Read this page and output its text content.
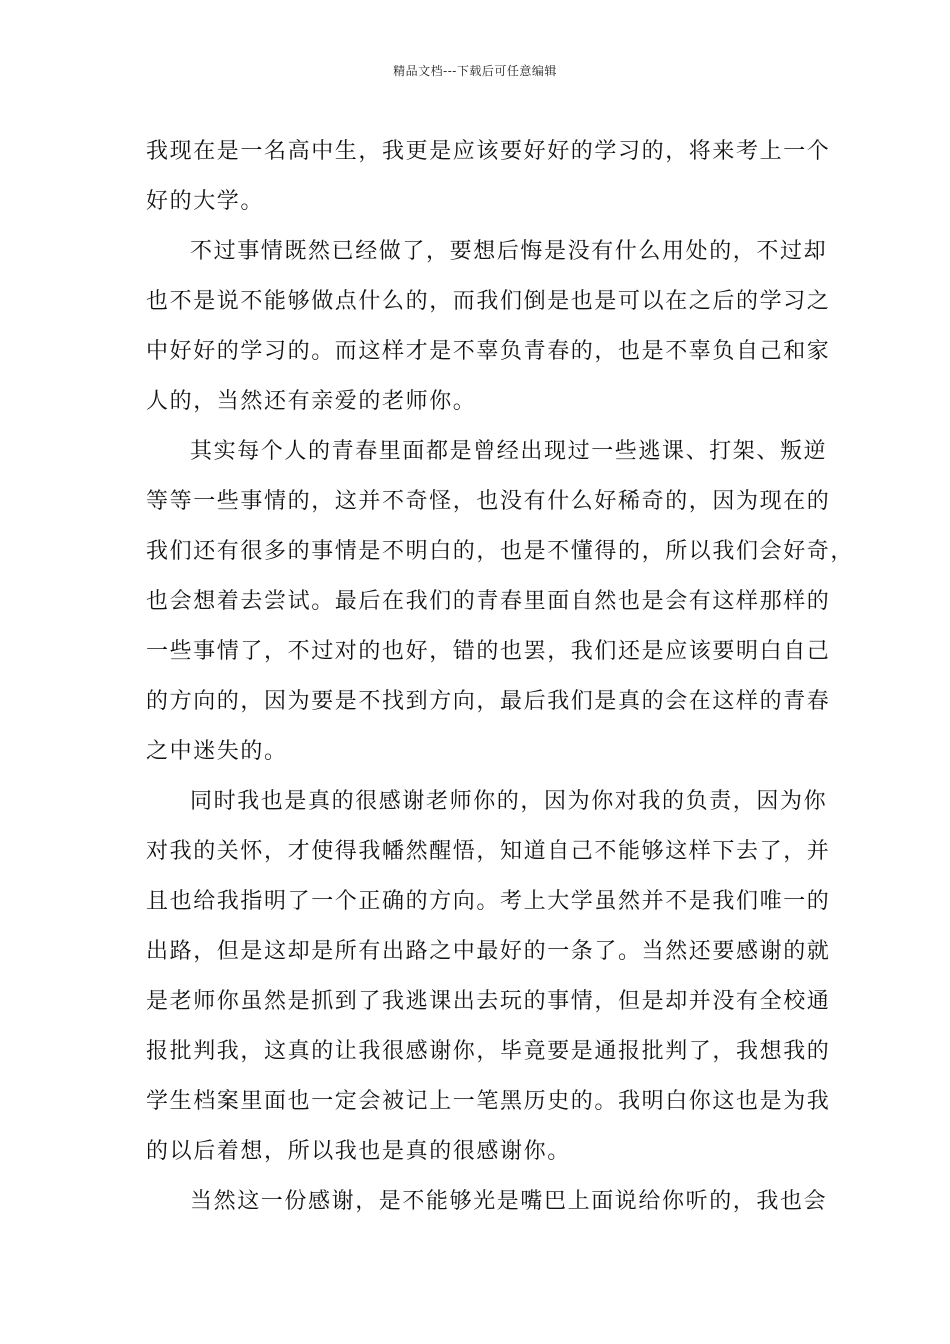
精品文档---下载后可任意编辑
我现在是一名高中生，我更是应该要好好的学习的，将来考上一个
好的大学。
不过事情既然已经做了，要想后悔是没有什么用处的，不过却
也不是说不能够做点什么的，而我们倒是也是可以在之后的学习之
中好好的学习的。而这样才是不辜负青春的，也是不辜负自己和家
人的，当然还有亲爱的老师你。
其实每个人的青春里面都是曾经出现过一些逃课、打架、叛逆
等等一些事情的，这并不奇怪，也没有什么好稀奇的，因为现在的
我们还有很多的事情是不明白的，也是不懂得的，所以我们会好奇，
也会想着去尝试。最后在我们的青春里面自然也是会有这样那样的
一些事情了，不过对的也好，错的也罢，我们还是应该要明白自己
的方向的，因为要是不找到方向，最后我们是真的会在这样的青春
之中迷失的。
同时我也是真的很感谢老师你的，因为你对我的负责，因为你
对我的关怀，才使得我幡然醒悟，知道自己不能够这样下去了，并
且也给我指明了一个正确的方向。考上大学虽然并不是我们唯一的
出路，但是这却是所有出路之中最好的一条了。当然还要感谢的就
是老师你虽然是抓到了我逃课出去玩的事情，但是却并没有全校通
报批判我，这真的让我很感谢你，毕竟要是通报批判了，我想我的
学生档案里面也一定会被记上一笔黑历史的。我明白你这也是为我
的以后着想，所以我也是真的很感谢你。
当然这一份感谢，是不能够光是嘴巴上面说给你听的，我也会
